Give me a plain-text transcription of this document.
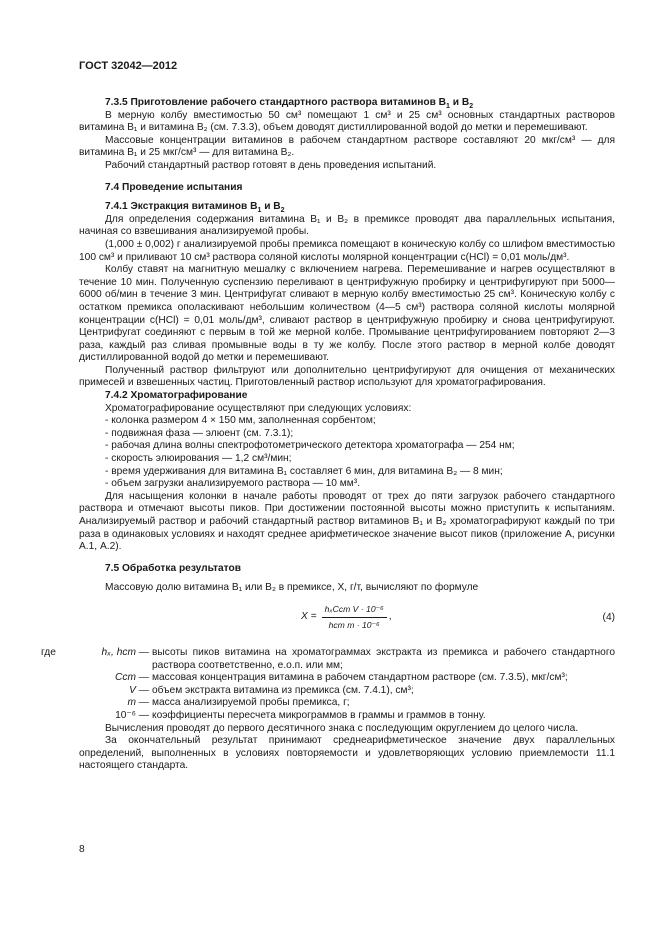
ГОСТ 32042—2012

7.3.5 Приготовление рабочего стандартного раствора витаминов $B_1$ и $B_2$

В мерную колбу вместимостью 50 см³ помещают 1 см³ и 25 см³ основных стандартных растворов витамина B₁ и витамина B₂ (см. 7.3.3), объем доводят дистиллированной водой до метки и перемешивают.

Массовые концентрации витаминов в рабочем стандартном растворе составляют 20 мкг/см³ — для витамина B₁ и 25 мкг/см³ — для витамина B₂.

Рабочий стандартный раствор готовят в день проведения испытаний.

7.4 Проведение испытания

7.4.1 Экстракция витаминов $B_1$ и $B_2$

Для определения содержания витамина B₁ и B₂ в премиксе проводят два параллельных испытания, начиная со взвешивания анализируемой пробы.

(1,000 ± 0,002) г анализируемой пробы премикса помещают в коническую колбу со шлифом вместимостью 100 см³ и приливают 10 см³ раствора соляной кислоты молярной концентрации c(HCl) = 0,01 моль/дм³.

Колбу ставят на магнитную мешалку с включением нагрева. Перемешивание и нагрев осуществляют в течение 10 мин. Полученную суспензию переливают в центрифужную пробирку и центрифугируют при 5000—6000 об/мин в течение 3 мин. Центрифугат сливают в мерную колбу вместимостью 25 см³. Коническую колбу с остатком премикса ополаскивают небольшим количеством (4—5 см³) раствора соляной кислоты молярной концентрации c(HCl) = 0,01 моль/дм³, сливают раствор в центрифужную пробирку и снова центрифугируют. Центрифугат соединяют с первым в той же мерной колбе. Промывание центрифугированием повторяют 2—3 раза, каждый раз сливая промывные воды в ту же колбу. После этого раствор в мерной колбе доводят дистиллированной водой до метки и перемешивают.

Полученный раствор фильтруют или дополнительно центрифугируют для очищения от механических примесей и взвешенных частиц. Приготовленный раствор используют для хроматографирования.

7.4.2 Хроматографирование

Хроматографирование осуществляют при следующих условиях:

- колонка размером 4 × 150 мм, заполненная сорбентом;

- подвижная фаза — элюент (см. 7.3.1);

- рабочая длина волны спектрофотометрического детектора хроматографа — 254 нм;

- скорость элюирования — 1,2 см³/мин;

- время удерживания для витамина B₁ составляет 6 мин, для витамина B₂ — 8 мин;

- объем загрузки анализируемого раствора — 10 мм³.

Для насыщения колонки в начале работы проводят от трех до пяти загрузок рабочего стандартного раствора и отмечают высоты пиков. При достижении постоянной высоты можно приступить к испытаниям. Анализируемый раствор и рабочий стандартный раствор витаминов B₁ и B₂ хроматографируют каждый по три раза в одинаковых условиях и находят среднее арифметическое значение высот пиков (приложение А, рисунки А.1, А.2).

7.5 Обработка результатов

Массовую долю витамина B₁ или B₂ в премиксе, X, г/т, вычисляют по формуле

$X = \frac{\text{hₓCст V · 10⁻⁶}}{\text{hст m · 10⁻⁶}}$ ,	(4)
где	hₓ, hст — высоты пиков витамина на хроматограммах экстракта из премикса и рабочего стандартного раствора соответственно, е.о.п. или мм;
Cст — массовая концентрация витамина в рабочем стандартном растворе (см. 7.3.5), мкг/см³;
V — объем экстракта витамина из премикса (см. 7.4.1), см³;
m — масса анализируемой пробы премикса, г;
10⁻⁶ — коэффициенты пересчета микрограммов в граммы и граммов в тонну.

Вычисления проводят до первого десятичного знака с последующим округлением до целого числа.

За окончательный результат принимают среднеарифметическое значение двух параллельных определений, выполненных в условиях повторяемости и удовлетворяющих условию приемлемости 11.1 настоящего стандарта.

8
